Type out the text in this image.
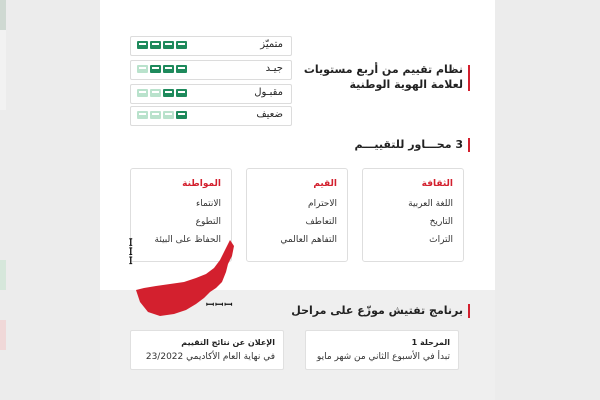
نظام تقييم من أربع مستويات
لعلامة الهوية الوطنية
متميّز
جيـد
مقبـول
ضعيف
3 محـــاور للتقييـــم
الثقافة
اللغة العربية
التاريخ
التراث
القيم
الاحترام
التعاطف
التفاهم العالمي
المواطنة
الانتماء
التطوع
الحفاظ على البيئة
ꟷꟷꟷ
ꟷꟷꟷ	برنامج تفتيش موزّع على مراحل
المرحلة 1
تبدأ في الأسبوع الثاني من شهر مايو
الإعلان عن نتائج التقييم
في نهاية العام الأكاديمي 23/2022
